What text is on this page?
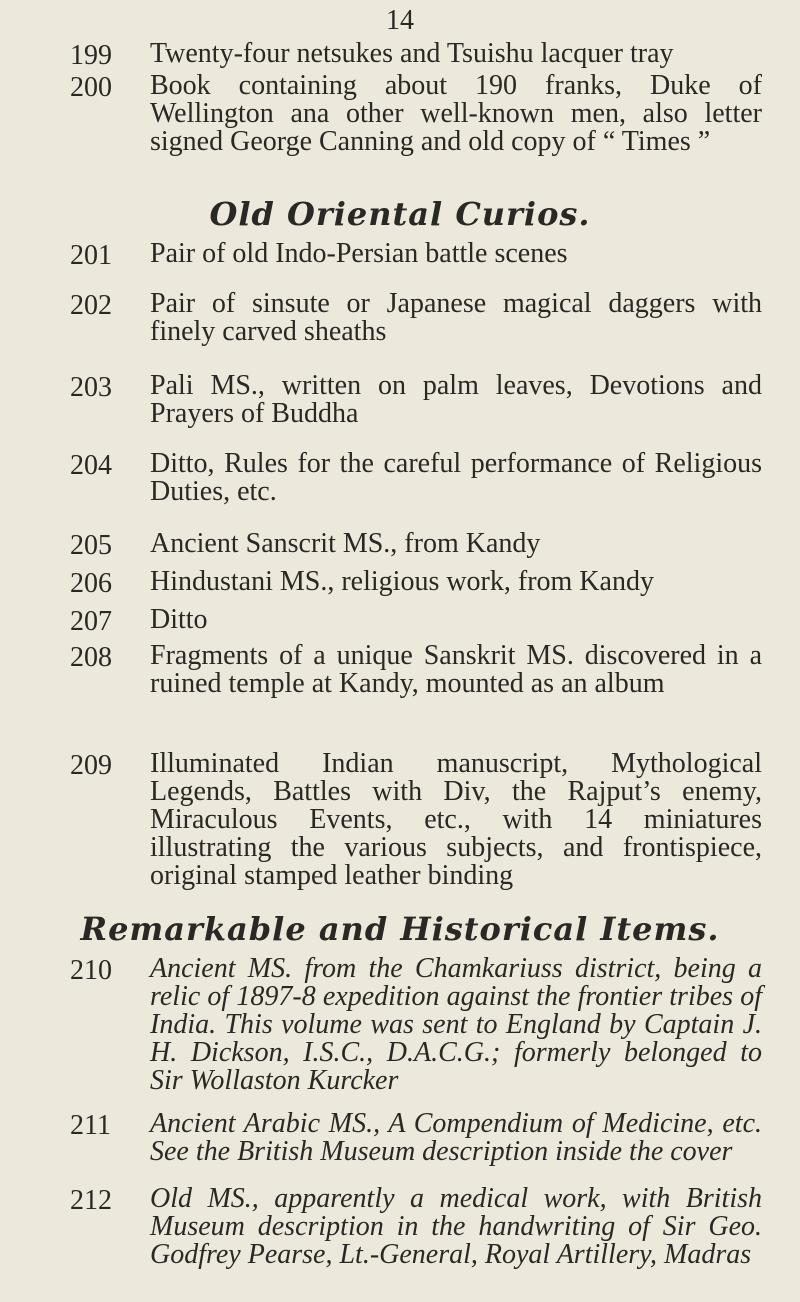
14
199	Twenty-four netsukes and Tsuishu lacquer tray
200	Book containing about 190 franks, Duke of Wellington ana other well-known men, also letter signed George Canning and old copy of “ Times ”
Old Oriental Curios.
201	Pair of old Indo-Persian battle scenes
202	Pair of sinsute or Japanese magical daggers with finely carved sheaths
203	Pali MS., written on palm leaves, Devotions and Prayers of Buddha
204	Ditto, Rules for the careful performance of Religious Duties, etc.
205	Ancient Sanscrit MS., from Kandy
206	Hindustani MS., religious work, from Kandy
207	Ditto
208	Fragments of a unique Sanskrit MS. discovered in a ruined temple at Kandy, mounted as an album
209	Illuminated Indian manuscript, Mythological Legends, Battles with Div, the Rajput’s enemy, Miraculous Events, etc., with 14 miniatures illustrating the various subjects, and frontispiece, original stamped leather binding
Remarkable and Historical Items.
210	Ancient MS. from the Chamkariuss district, being a relic of 1897-8 expedition against the frontier tribes of India. This volume was sent to England by Captain J. H. Dickson, I.S.C., D.A.C.G.; formerly belonged to Sir Wollaston Kurcker
211	Ancient Arabic MS., A Compendium of Medicine, etc. See the British Museum description inside the cover
212	Old MS., apparently a medical work, with British Museum description in the handwriting of Sir Geo. Godfrey Pearse, Lt.-General, Royal Artillery, Madras
